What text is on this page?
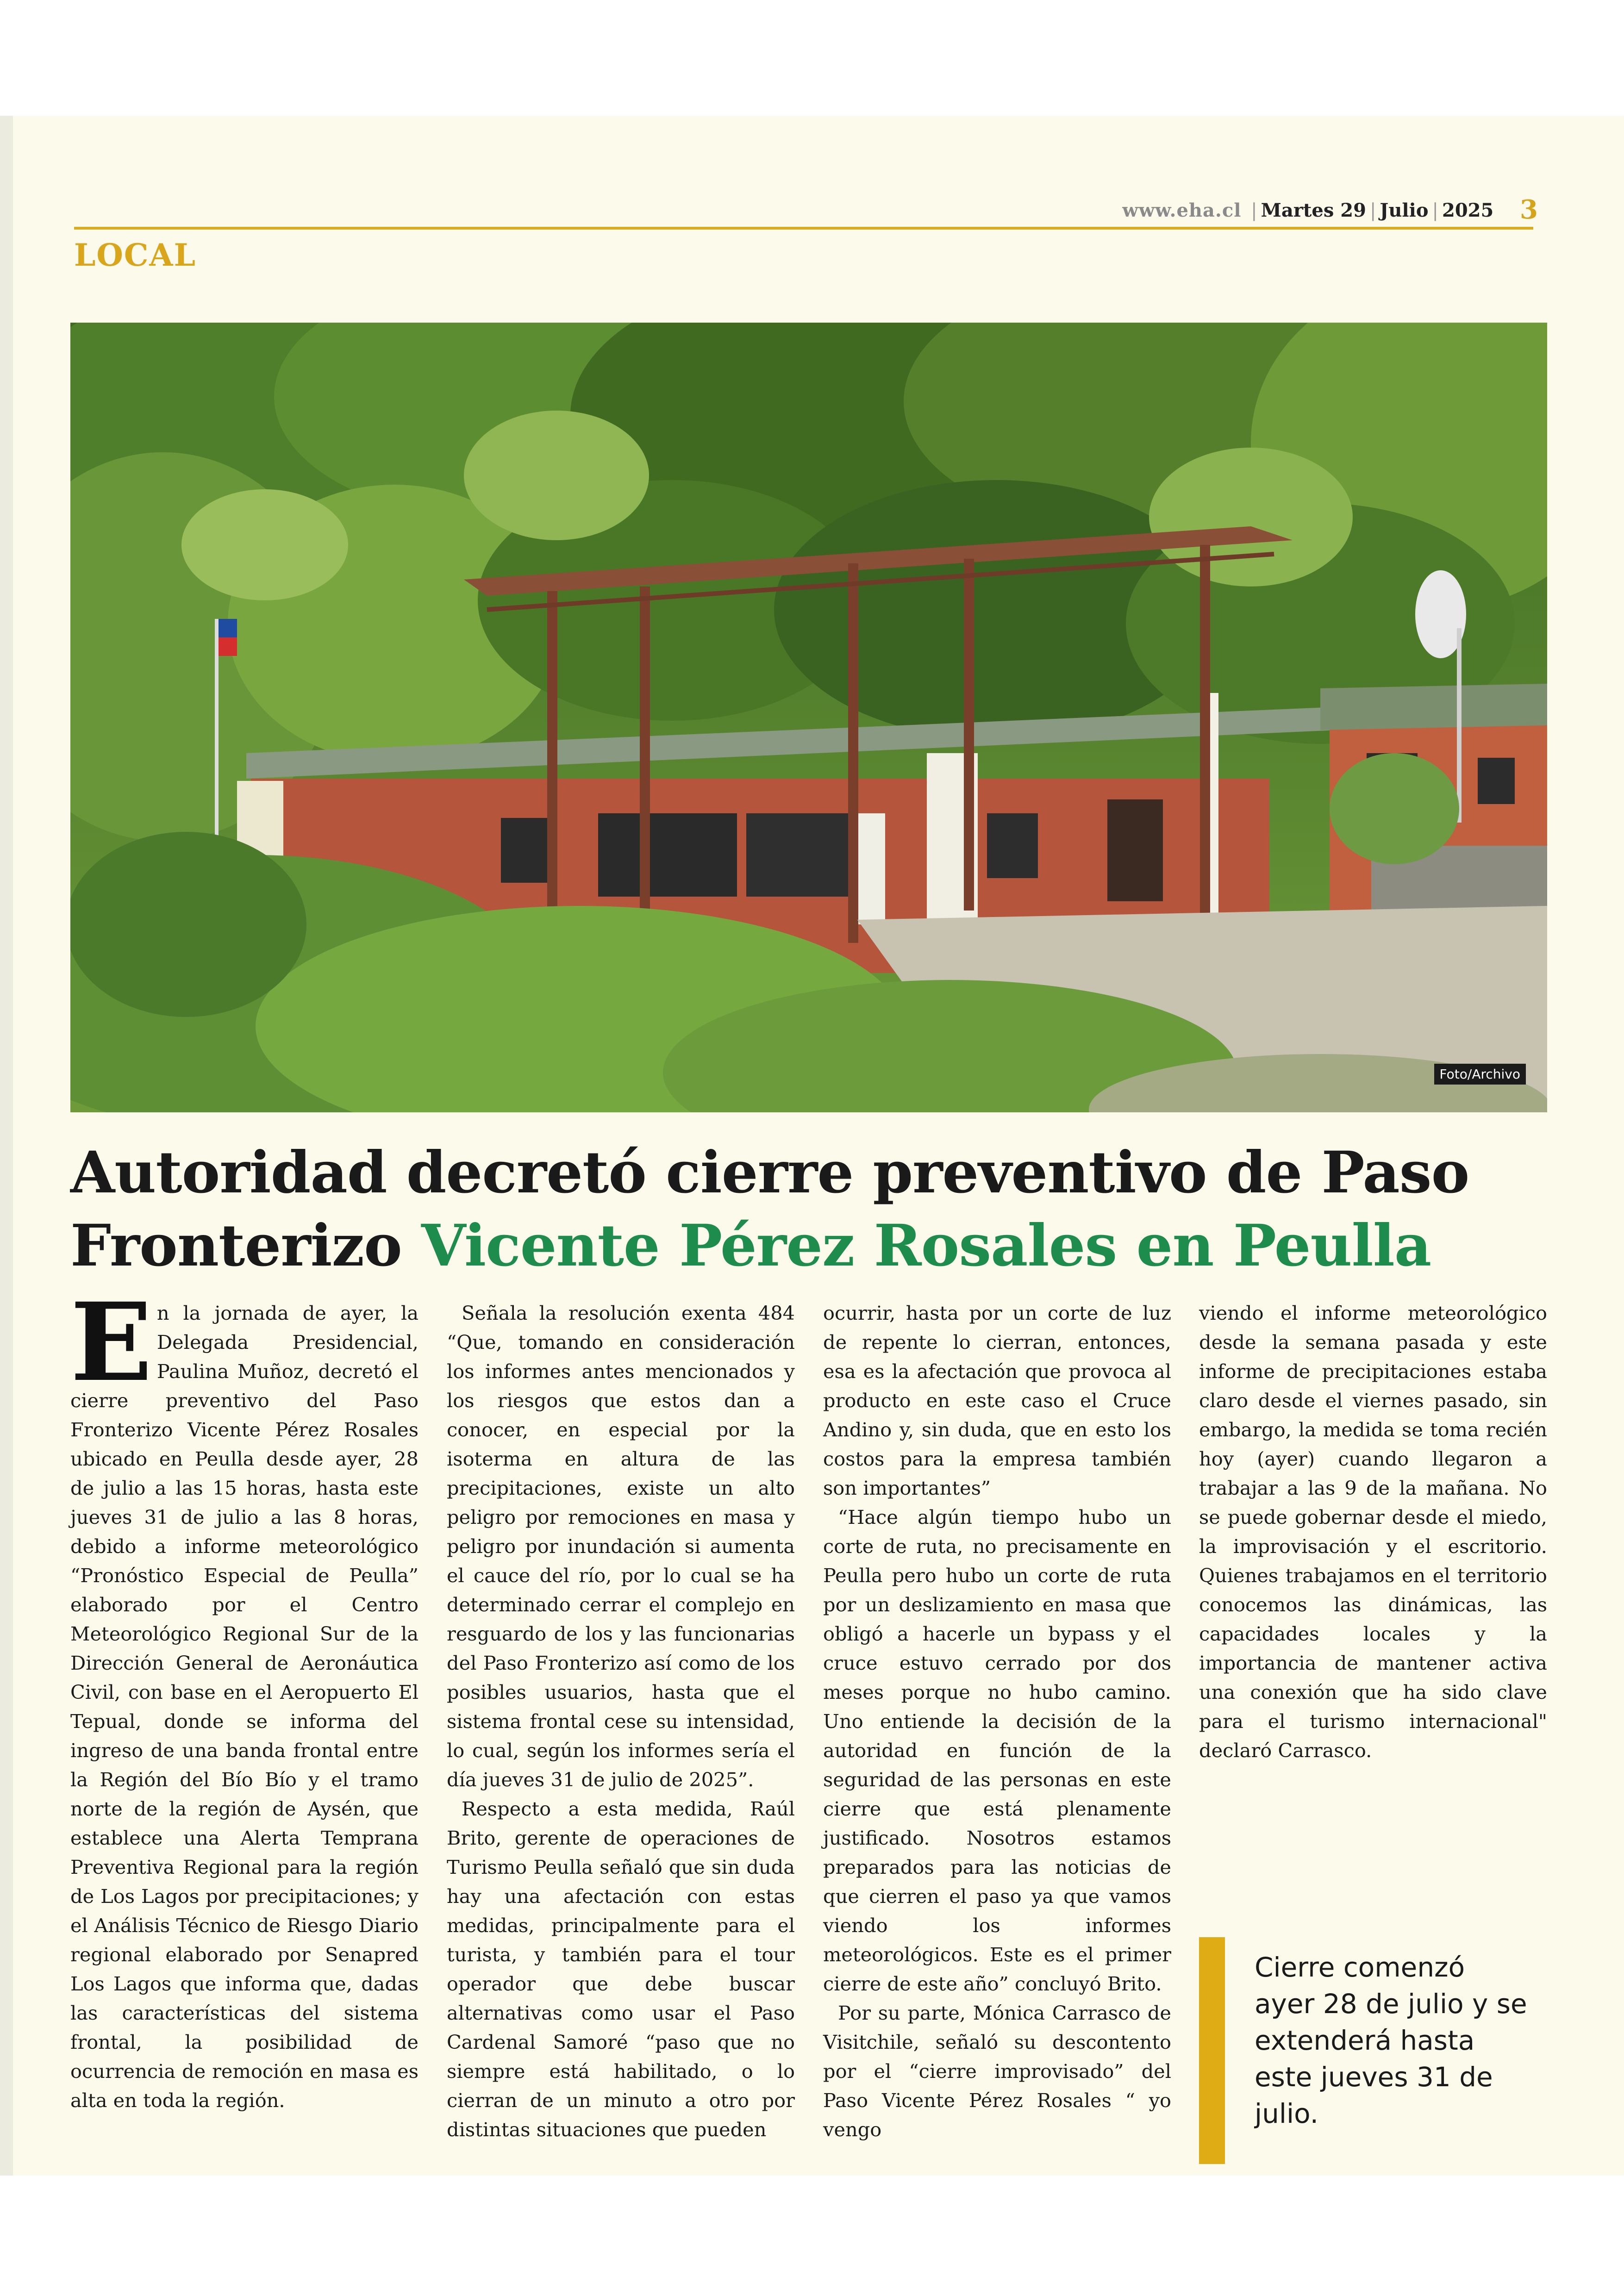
www.eha.cl | Martes 29 | Julio | 2025 3
LOCAL
Foto/Archivo
Autoridad decretó cierre preventivo de Paso Fronterizo Vicente Pérez Rosales en Peulla

En la jornada de ayer, la Delegada Presidencial, Paulina Muñoz, decretó el cierre preventivo del Paso Fronterizo Vicente Pérez Rosales ubicado en Peulla desde ayer, 28 de julio a las 15 horas, hasta este jueves 31 de julio a las 8 horas, debido a informe meteorológico “Pronóstico Especial de Peulla” elaborado por el Centro Meteorológico Regional Sur de la Dirección General de Aeronáutica Civil, con base en el Aeropuerto El Tepual, donde se informa del ingreso de una banda frontal entre la Región del Bío Bío y el tramo norte de la región de Aysén, que establece una Alerta Temprana Preventiva Regional para la región de Los Lagos por precipitaciones; y el Análisis Técnico de Riesgo Diario regional elaborado por Senapred Los Lagos que informa que, dadas las características del sistema frontal, la posibilidad de ocurrencia de remoción en masa es alta en toda la región.

Señala la resolución exenta 484 “Que, tomando en consideración los informes antes mencionados y los riesgos que estos dan a conocer, en especial por la isoterma en altura de las precipitaciones, existe un alto peligro por remociones en masa y peligro por inundación si aumenta el cauce del río, por lo cual se ha determinado cerrar el complejo en resguardo de los y las funcionarias del Paso Fronterizo así como de los posibles usuarios, hasta que el sistema frontal cese su intensidad, lo cual, según los informes sería el día jueves 31 de julio de 2025”.

Respecto a esta medida, Raúl Brito, gerente de operaciones de Turismo Peulla señaló que sin duda hay una afectación con estas medidas, principalmente para el turista, y también para el tour operador que debe buscar alternativas como usar el Paso Cardenal Samoré “paso que no siempre está habilitado, o lo cierran de un minuto a otro por distintas situaciones que pueden

ocurrir, hasta por un corte de luz de repente lo cierran, entonces, esa es la afectación que provoca al producto en este caso el Cruce Andino y, sin duda, que en esto los costos para la empresa también son importantes”

“Hace algún tiempo hubo un corte de ruta, no precisamente en Peulla pero hubo un corte de ruta por un deslizamiento en masa que obligó a hacerle un bypass y el cruce estuvo cerrado por dos meses porque no hubo camino. Uno entiende la decisión de la autoridad en función de la seguridad de las personas en este cierre que está plenamente justificado. Nosotros estamos preparados para las noticias de que cierren el paso ya que vamos viendo los informes meteorológicos. Este es el primer cierre de este año” concluyó Brito.

Por su parte, Mónica Carrasco de Visitchile, señaló su descontento por el “cierre improvisado” del Paso Vicente Pérez Rosales “ yo vengo

viendo el informe meteorológico desde la semana pasada y este informe de precipitaciones estaba claro desde el viernes pasado, sin embargo, la medida se toma recién hoy (ayer) cuando llegaron a trabajar a las 9 de la mañana. No se puede gobernar desde el miedo, la improvisación y el escritorio. Quienes trabajamos en el territorio conocemos las dinámicas, las capacidades locales y la importancia de mantener activa una conexión que ha sido clave para el turismo internacional" declaró Carrasco.

Cierre comenzó ayer 28 de julio y se extenderá hasta este jueves 31 de julio.
